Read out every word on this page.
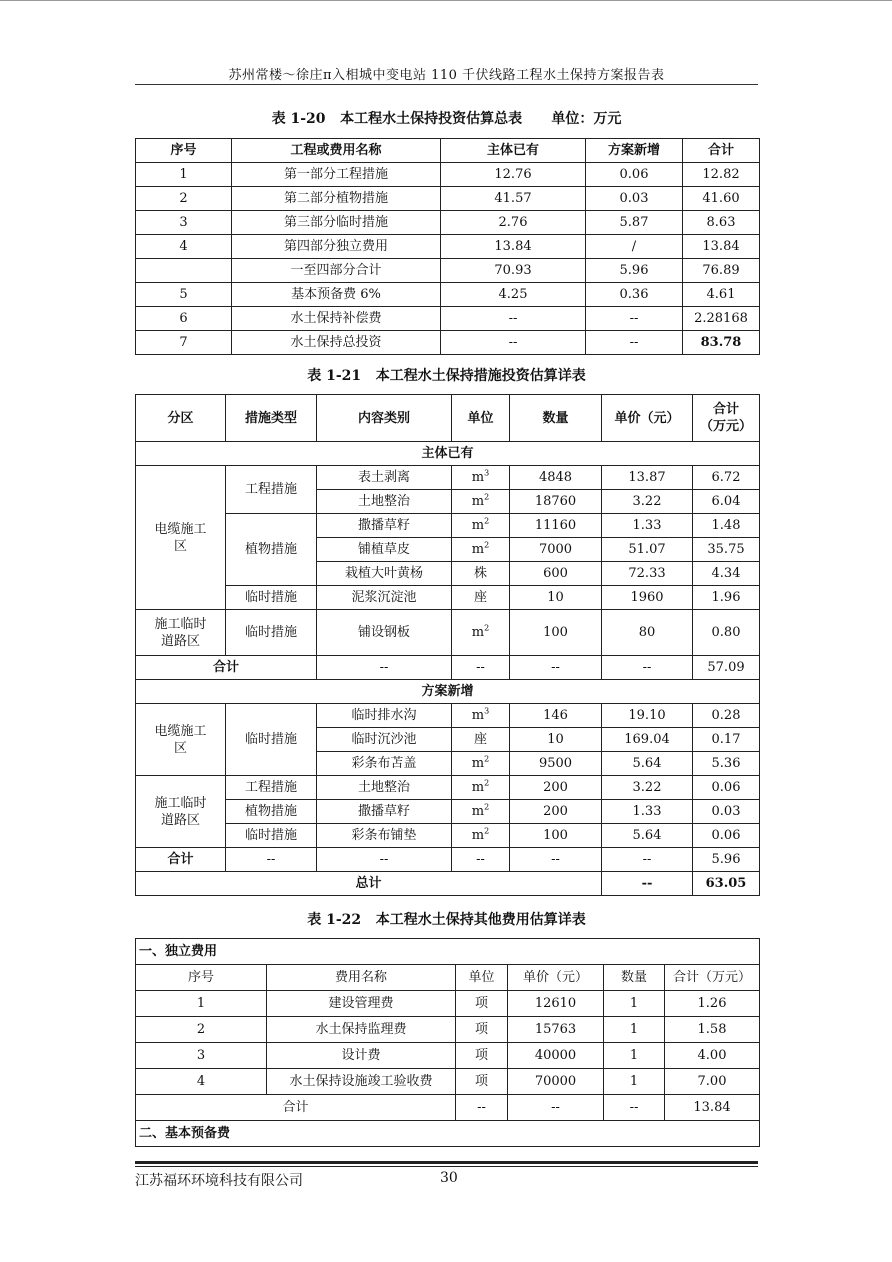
苏州常楼～徐庄π入相城中变电站 110 千伏线路工程水土保持方案报告表
表 1-20   本工程水土保持投资估算总表      单位：万元
序号	工程或费用名称	主体已有	方案新增	合计
1	第一部分工程措施	12.76	0.06	12.82
2	第二部分植物措施	41.57	0.03	41.60
3	第三部分临时措施	2.76	5.87	8.63
4	第四部分独立费用	13.84	/	13.84
	一至四部分合计	70.93	5.96	76.89
5	基本预备费 6%	4.25	0.36	4.61
6	水土保持补偿费	--	--	2.28168
7	水土保持总投资	--	--	83.78
表 1-21   本工程水土保持措施投资估算详表
分区	措施类型	内容类别	单位	数量	单价（元）	合计
（万元）
主体已有						
电缆施工
区	工程措施	表土剥离	$m^3$	4848	13.87	6.72
		土地整治	$m^2$	18760	3.22	6.04
	植物措施	撒播草籽	$m^2$	11160	1.33	1.48
		铺植草皮	$m^2$	7000	51.07	35.75
		栽植大叶黄杨	株	600	72.33	4.34
	临时措施	泥浆沉淀池	座	10	1960	1.96
施工临时
道路区	临时措施	铺设钢板	$m^2$	100	80	0.80
合计		--	--	--	--	57.09
方案新增						
电缆施工
区	临时措施	临时排水沟	$m^3$	146	19.10	0.28
		临时沉沙池	座	10	169.04	0.17
		彩条布苫盖	$m^2$	9500	5.64	5.36
施工临时
道路区	工程措施	土地整治	$m^2$	200	3.22	0.06
	植物措施	撒播草籽	$m^2$	200	1.33	0.03
	临时措施	彩条布铺垫	$m^2$	100	5.64	0.06
合计	--	--	--	--	--	5.96
总计					--	63.05
表 1-22   本工程水土保持其他费用估算详表
一、独立费用					
序号	费用名称	单位	单价（元）	数量	合计（万元）
1	建设管理费	项	12610	1	1.26
2	水土保持监理费	项	15763	1	1.58
3	设计费	项	40000	1	4.00
4	水土保持设施竣工验收费	项	70000	1	7.00
合计		--	--	--	13.84
二、基本预备费					
江苏福环环境科技有限公司	30
